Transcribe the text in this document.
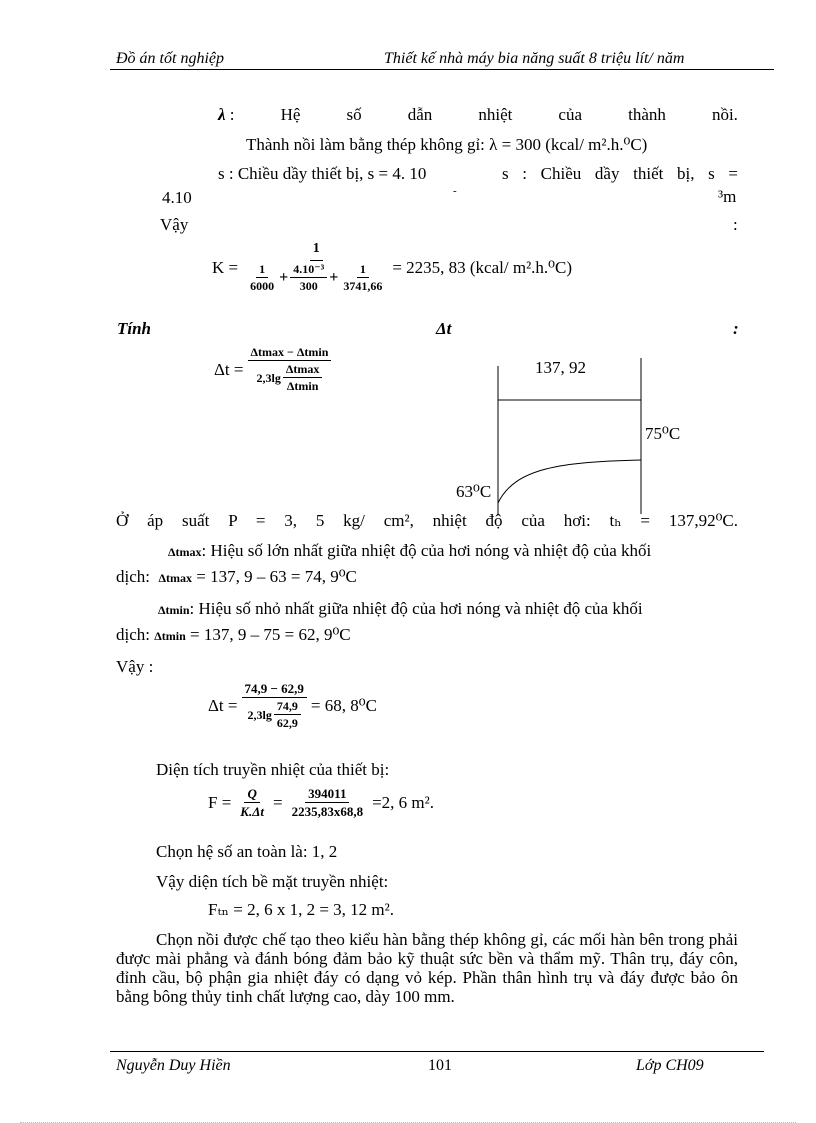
Đồ án tốt nghiệp	Thiết kế nhà máy bia năng suất 8 triệu lít/ năm
λ :	Hệ	số	dẫn	nhiệt	của	thành	nồi.
Thành nồi làm bằng thép không gỉ: λ = 300 (kcal/ m².h.⁰C)
s : Chiều dầy thiết bị, s = 4. 10	s : Chiều dầy thiết bị, s =
4.10	-	³m
Vậy	:
$K = \frac{1}{\frac{1}{6000} + \frac{\text{4.10⁻³}}{300} + \frac{1}{3741,66}} = 2235$, 83 (kcal/ m².h.⁰C)
Tính	Δt	:
$\Delta t = \frac{\Delta tmax - \Delta tmin}{2,3\lg \frac{\Delta tmax}{\Delta tmin}}$	137, 92
75⁰C
63⁰C
Ở áp suất P = 3, 5 kg/ cm², nhiệt độ của hơi: tₕ = 137,92⁰C.
Δtmax: Hiệu số lớn nhất giữa nhiệt độ của hơi nóng và nhiệt độ của khối
dịch: Δtmax = 137, 9 – 63 = 74, 9⁰C
Δtmin: Hiệu số nhỏ nhất giữa nhiệt độ của hơi nóng và nhiệt độ của khối
dịch: Δtmin = 137, 9 – 75 = 62, 9⁰C
Vậy :
$\Delta t = \frac{74,9 - 62,9}{2,3\lg \frac{74,9}{62,9}} = 68$, 8⁰C
Diện tích truyền nhiệt của thiết bị:
$F = \frac{Q}{K.\Delta t} = \frac{394011}{2235,83x68,8} =2$, 6 m².
Chọn hệ số an toàn là: 1, 2
Vậy diện tích bề mặt truyền nhiệt:
Fₜₙ = 2, 6 x 1, 2 = 3, 12 m².
Chọn nồi được chế tạo theo kiểu hàn bằng thép không gỉ, các mối hàn bên trong phải được mài phẳng và đánh bóng đảm bảo kỹ thuật sức bền và thẩm mỹ. Thân trụ, đáy côn, đỉnh cầu, bộ phận gia nhiệt đáy có dạng vỏ kép. Phần thân hình trụ và đáy được bảo ôn bằng bông thủy tinh chất lượng cao, dày 100 mm.
Nguyễn Duy Hiền	101	Lớp CH09
